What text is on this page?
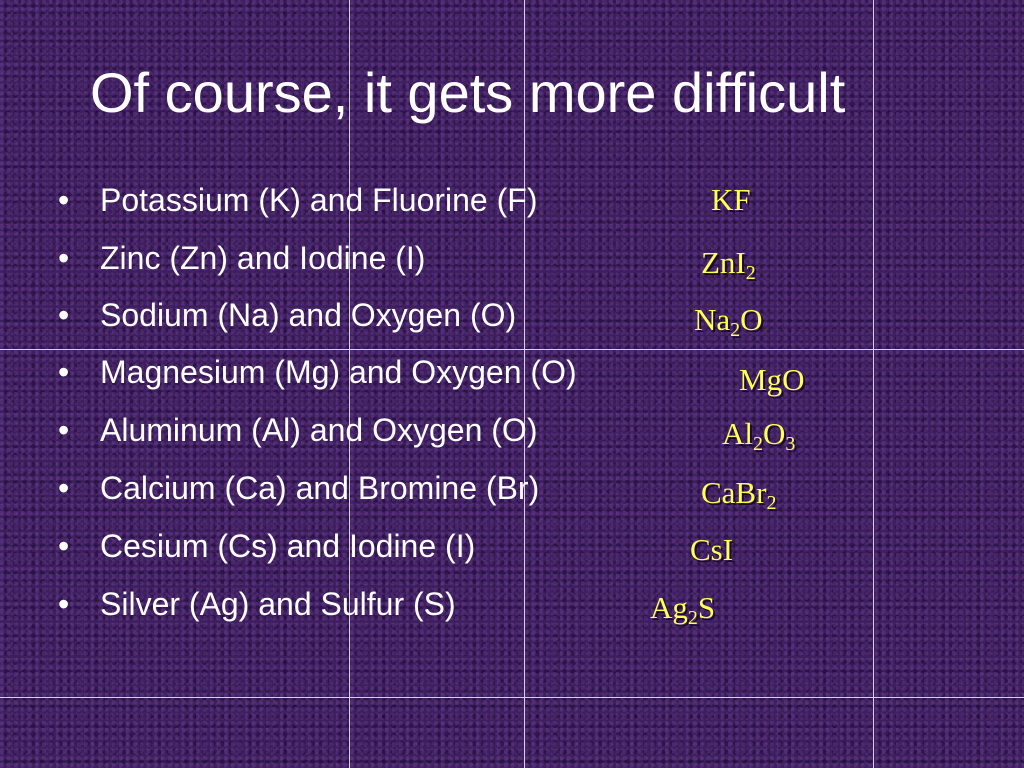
Of course, it gets more difficult
• Potassium (K) and Fluorine (F)
• Zinc (Zn) and Iodine (I)
• Sodium (Na) and Oxygen (O)
• Magnesium (Mg) and Oxygen (O)
• Aluminum (Al) and Oxygen (O)
• Calcium (Ca) and Bromine (Br)
• Cesium (Cs) and Iodine (I)
• Silver (Ag) and Sulfur (S)
KF
ZnI$_2$
$Na_2O$
MgO
$Al_2O_3$
CaBr$_2$
CsI
$Ag_2S$
